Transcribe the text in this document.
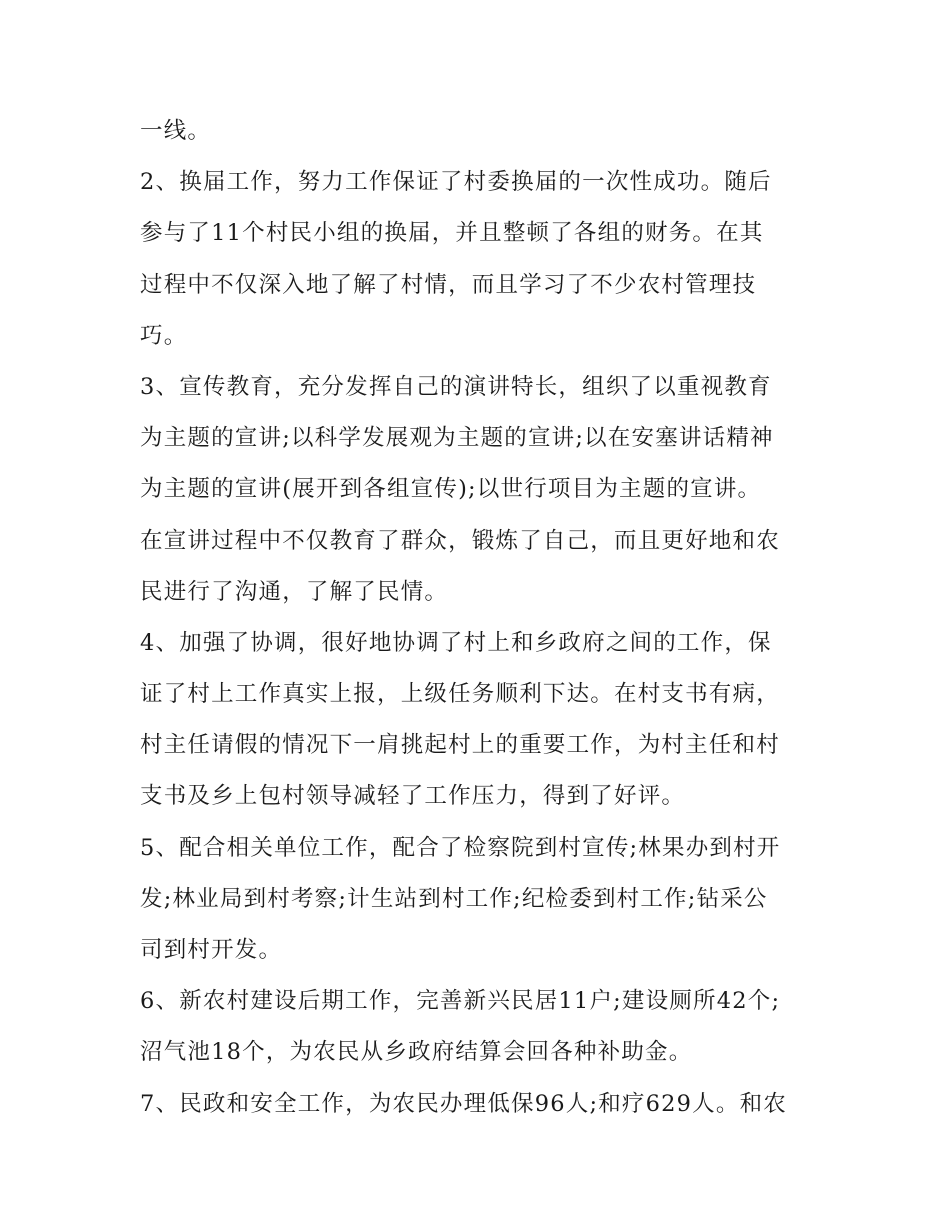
一线。
2、换届工作，努力工作保证了村委换届的一次性成功。随后
参与了11个村民小组的换届，并且整顿了各组的财务。在其
过程中不仅深入地了解了村情，而且学习了不少农村管理技
巧。
3、宣传教育，充分发挥自己的演讲特长，组织了以重视教育
为主题的宣讲;以科学发展观为主题的宣讲;以在安塞讲话精神
为主题的宣讲(展开到各组宣传);以世行项目为主题的宣讲。
在宣讲过程中不仅教育了群众，锻炼了自己，而且更好地和农
民进行了沟通，了解了民情。
4、加强了协调，很好地协调了村上和乡政府之间的工作，保
证了村上工作真实上报，上级任务顺利下达。在村支书有病，
村主任请假的情况下一肩挑起村上的重要工作，为村主任和村
支书及乡上包村领导减轻了工作压力，得到了好评。
5、配合相关单位工作，配合了检察院到村宣传;林果办到村开
发;林业局到村考察;计生站到村工作;纪检委到村工作;钻采公
司到村开发。
6、新农村建设后期工作，完善新兴民居11户;建设厕所42个;
沼气池18个，为农民从乡政府结算会回各种补助金。
7、民政和安全工作，为农民办理低保96人;和疗629人。和农
